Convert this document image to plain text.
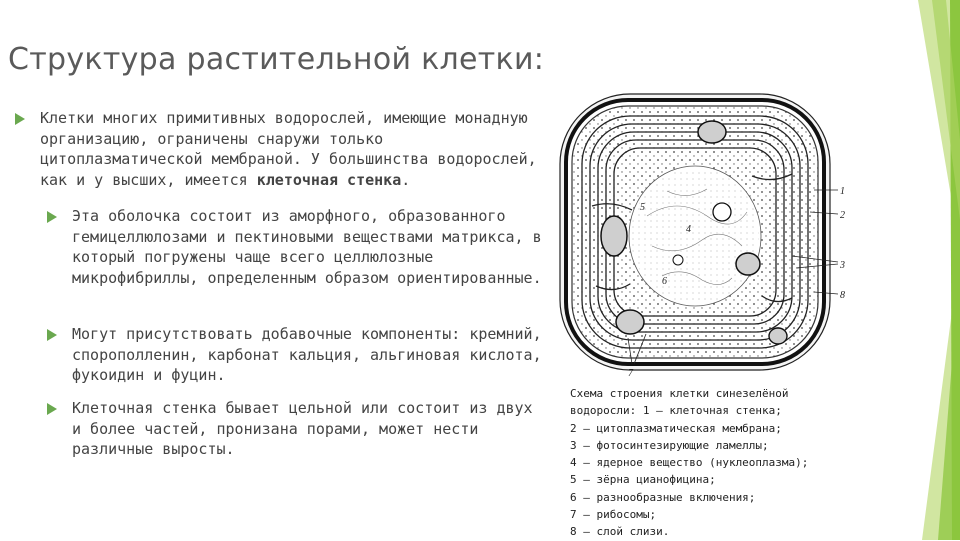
Структура растительной клетки:
Клетки многих примитивных водорослей, имеющие монадную организацию, ограничены снаружи только цитоплазматической мембраной. У большинства водорослей, как и у высших, имеется клеточная стенка.
Эта оболочка состоит из аморфного, образованного гемицеллюлозами и пектиновыми веществами матрикса, в который погружены чаще всего целлюлозные микрофибриллы, определенным образом ориентированные.
Могут присутствовать добавочные компоненты: кремний, спорополленин, карбонат кальция, альгиновая кислота, фукоидин и фуцин.
Клеточная стенка бывает цельной или состоит из двух и более частей, пронизана порами, может нести различные выросты.
1
2
3
4
5
6
7
8
Схема строения клетки синезелёной
водоросли: 1 — клеточная стенка;
2 — цитоплазматическая мембрана;
3 — фотосинтезирующие ламеллы;
4 — ядерное вещество (нуклеоплазма);
5 — зёрна цианофицина;
6 — разнообразные включения;
7 — рибосомы;
8 — слой слизи.
